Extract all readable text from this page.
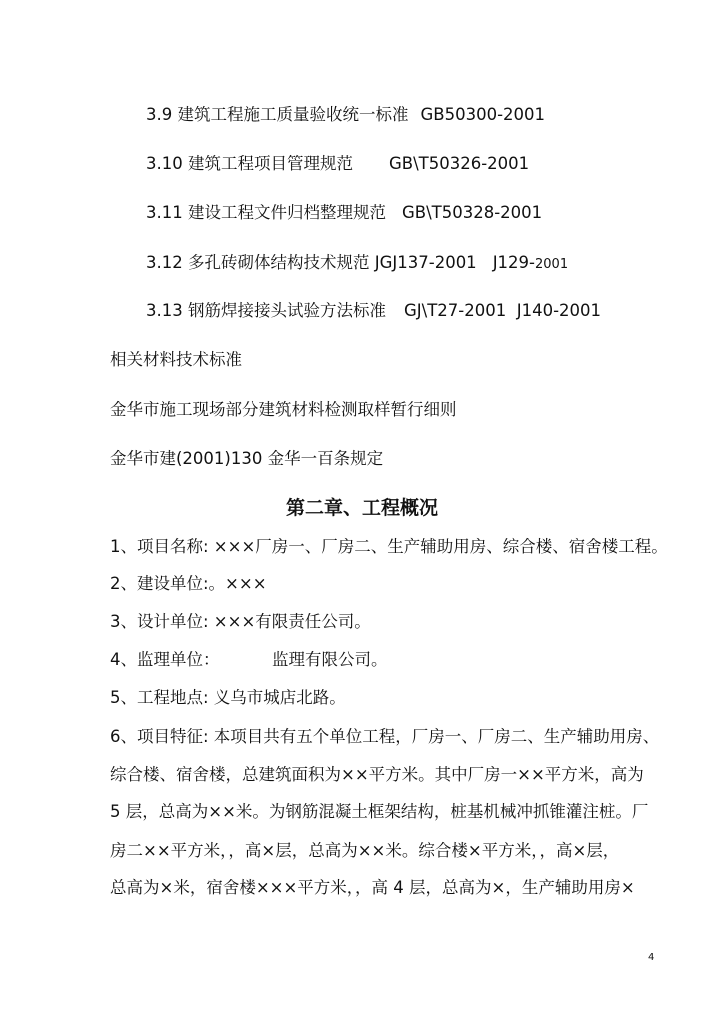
3.9 建筑工程施工质量验收统一标准 GB50300-2001
3.10 建筑工程项目管理规范 GB\T50326-2001
3.11 建设工程文件归档整理规范 GB\T50328-2001
3.12 多孔砖砌体结构技术规范 JGJ137-2001 J129-2001
3.13 钢筋焊接接头试验方法标准 GJ\T27-2001  J140-2001
相关材料技术标准
金华市施工现场部分建筑材料检测取样暂行细则
金华市建(2001)130 金华一百条规定
第二章、工程概况
1、项目名称: ×××厂房一、厂房二、生产辅助用房、综合楼、宿舍楼工程。
2、建设单位:。×××
3、设计单位: ×××有限责任公司。
4、监理单位：          监理有限公司。
5、工程地点: 义乌市城店北路。
6、项目特征: 本项目共有五个单位工程，厂房一、厂房二、生产辅助用房、
综合楼、宿舍楼，总建筑面积为××平方米。其中厂房一××平方米，高为
5 层，总高为××米。为钢筋混凝土框架结构，桩基机械冲抓锥灌注桩。厂
房二××平方米，，高×层，总高为××米。综合楼×平方米，，高×层，
总高为×米，宿舍楼×××平方米，，高 4 层，总高为×，生产辅助用房×
4
